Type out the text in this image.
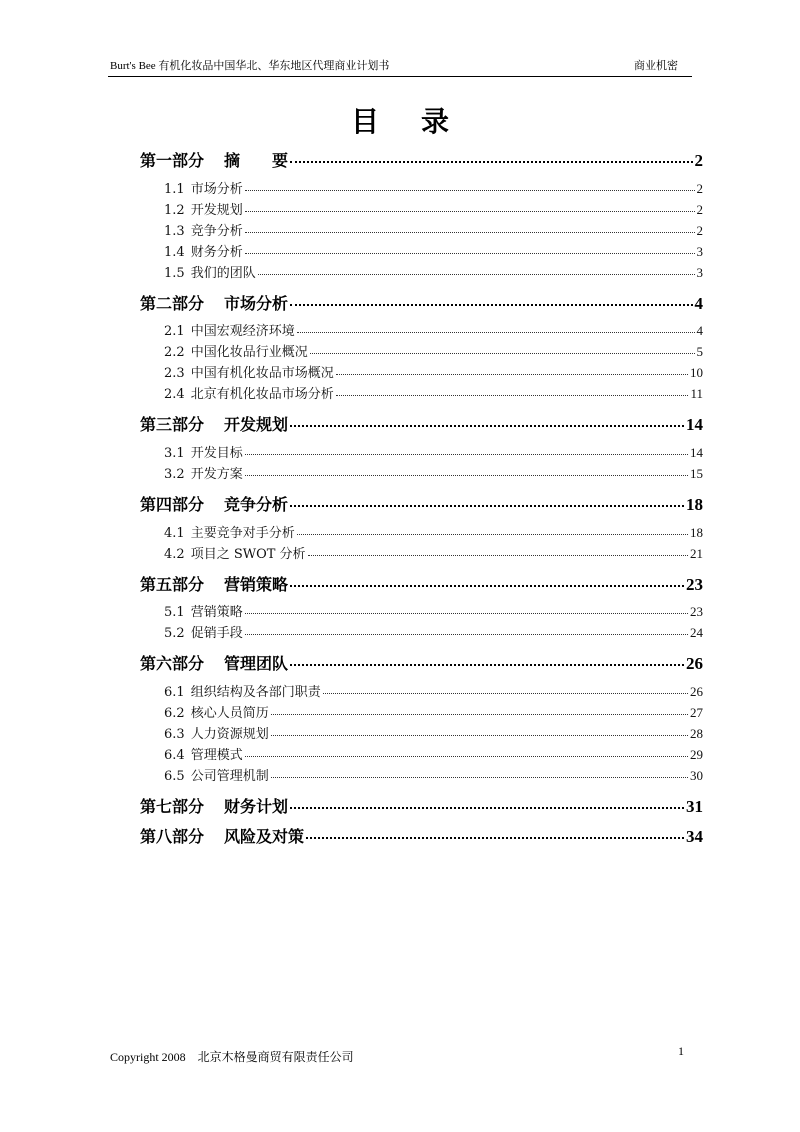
Burt's Bee 有机化妆品中国华北、华东地区代理商业计划书	商业机密
目录
第一部分 摘　　要	2
1.1 市场分析	2
1.2 开发规划	2
1.3 竞争分析	2
1.4 财务分析	3
1.5 我们的团队	3
第二部分 市场分析	4
2.1 中国宏观经济环境	4
2.2 中国化妆品行业概况	5
2.3 中国有机化妆品市场概况	10
2.4 北京有机化妆品市场分析	11
第三部分 开发规划	14
3.1 开发目标	14
3.2 开发方案	15
第四部分 竞争分析	18
4.1 主要竞争对手分析	18
4.2 项目之 SWOT 分析	21
第五部分 营销策略	23
5.1 营销策略	23
5.2 促销手段	24
第六部分 管理团队	26
6.1 组织结构及各部门职责	26
6.2 核心人员简历	27
6.3 人力资源规划	28
6.4 管理模式	29
6.5 公司管理机制	30
第七部分 财务计划	31
第八部分 风险及对策	34
Copyright 2008 北京木格曼商贸有限责任公司	1
